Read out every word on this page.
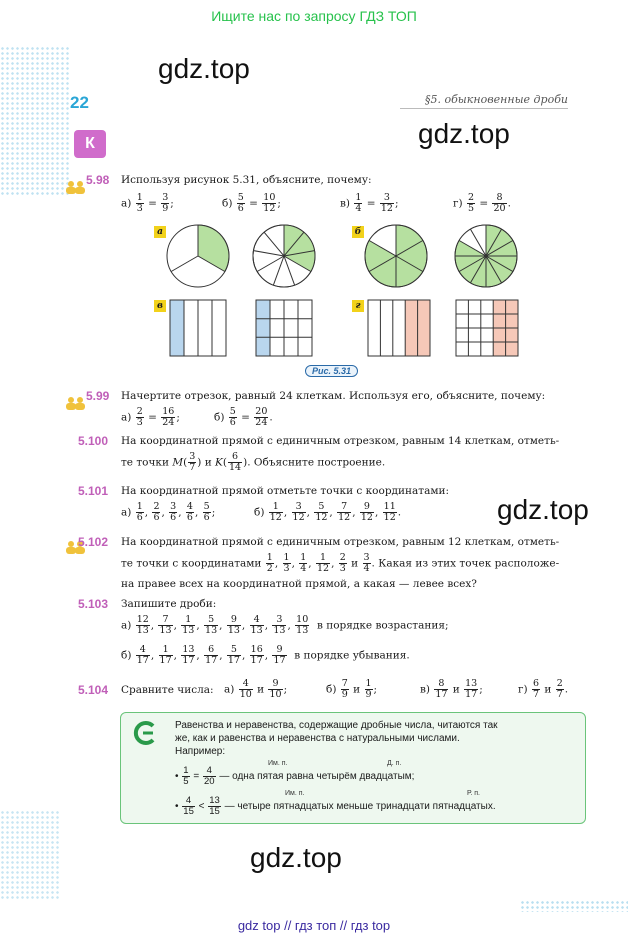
Ищите нас по запросу ГДЗ ТОП
gdz.top
gdz.top
gdz.top
gdz.top
22	§5. обыкновенные дроби
К
5.98 Используя рисунок 5.31, объясните, почему:
$а) \frac{1}{3} = \frac{3}{9}$ ;	$б) \frac{5}{6} = \frac{10}{12}$ ;	$в) \frac{1}{4} = \frac{3}{12}$ ;	$г) \frac{2}{5} = \frac{8}{20}$ .
а	б
в	г
Рис. 5.31
5.99 Начертите отрезок, равный 24 клеткам. Используя его, объясните, почему:
$а) \frac{2}{3} = \frac{16}{24}$ ;	$б) \frac{5}{6} = \frac{20}{24}$ .
5.100 На координатной прямой с единичным отрезком, равным 14 клеткам, отметь-
те точки $M( \frac{3}{7}$ ) и $K( \frac{6}{14}$ ). Объясните построение.
5.101 На координатной прямой отметьте точки с координатами:
$а) \frac{1}{6}$ , $\frac{2}{6}$ , $\frac{3}{6}$ , $\frac{4}{6}$ , $\frac{5}{6}$ ;	$б) \frac{1}{12}$ , $\frac{3}{12}$ , $\frac{5}{12}$ , $\frac{7}{12}$ , $\frac{9}{12}$ , $\frac{11}{12}$ .
5.102 На координатной прямой с единичным отрезком, равным 12 клеткам, отметь-
те точки с координатами $\frac{1}{2}$ , $\frac{1}{3}$ , $\frac{1}{4}$ , $\frac{1}{12}$ , $\frac{2}{3}$ и $\frac{3}{4}$ . Какая из этих точек расположе-
на правее всех на координатной прямой, а какая — левее всех?
5.103 Запишите дроби:
$а) \frac{12}{13}$ , $\frac{7}{13}$ , $\frac{1}{13}$ , $\frac{5}{13}$ , $\frac{9}{13}$ , $\frac{4}{13}$ , $\frac{3}{13}$ , $\frac{10}{13}$ в порядке возрастания;
$б) \frac{4}{17}$ , $\frac{1}{17}$ , $\frac{13}{17}$ , $\frac{6}{17}$ , $\frac{5}{17}$ , $\frac{16}{17}$ , $\frac{9}{17}$ в порядке убывания.
5.104 Сравните числа: $а) \frac{4}{10}$ и $\frac{9}{10}$ ;	$б) \frac{7}{9}$ и $\frac{1}{9}$ ;	$в) \frac{8}{17}$ и $\frac{13}{17}$ ;	$г) \frac{6}{7}$ и $\frac{2}{7}$ .
Равенства и неравенства, содержащие дробные числа, читаются так
же, как и равенства и неравенства с натуральными числами.
Например:
Им. п.	Д. п.
• $\frac{1}{5} = \frac{4}{20}$ — одна пятая равна четырём двадцатым;
Им. п.	Р. п.
• $\frac{4}{15} < \frac{13}{15}$ — четыре пятнадцатых меньше тринадцати пятнадцатых.
gdz top // гдз топ // гдз top
